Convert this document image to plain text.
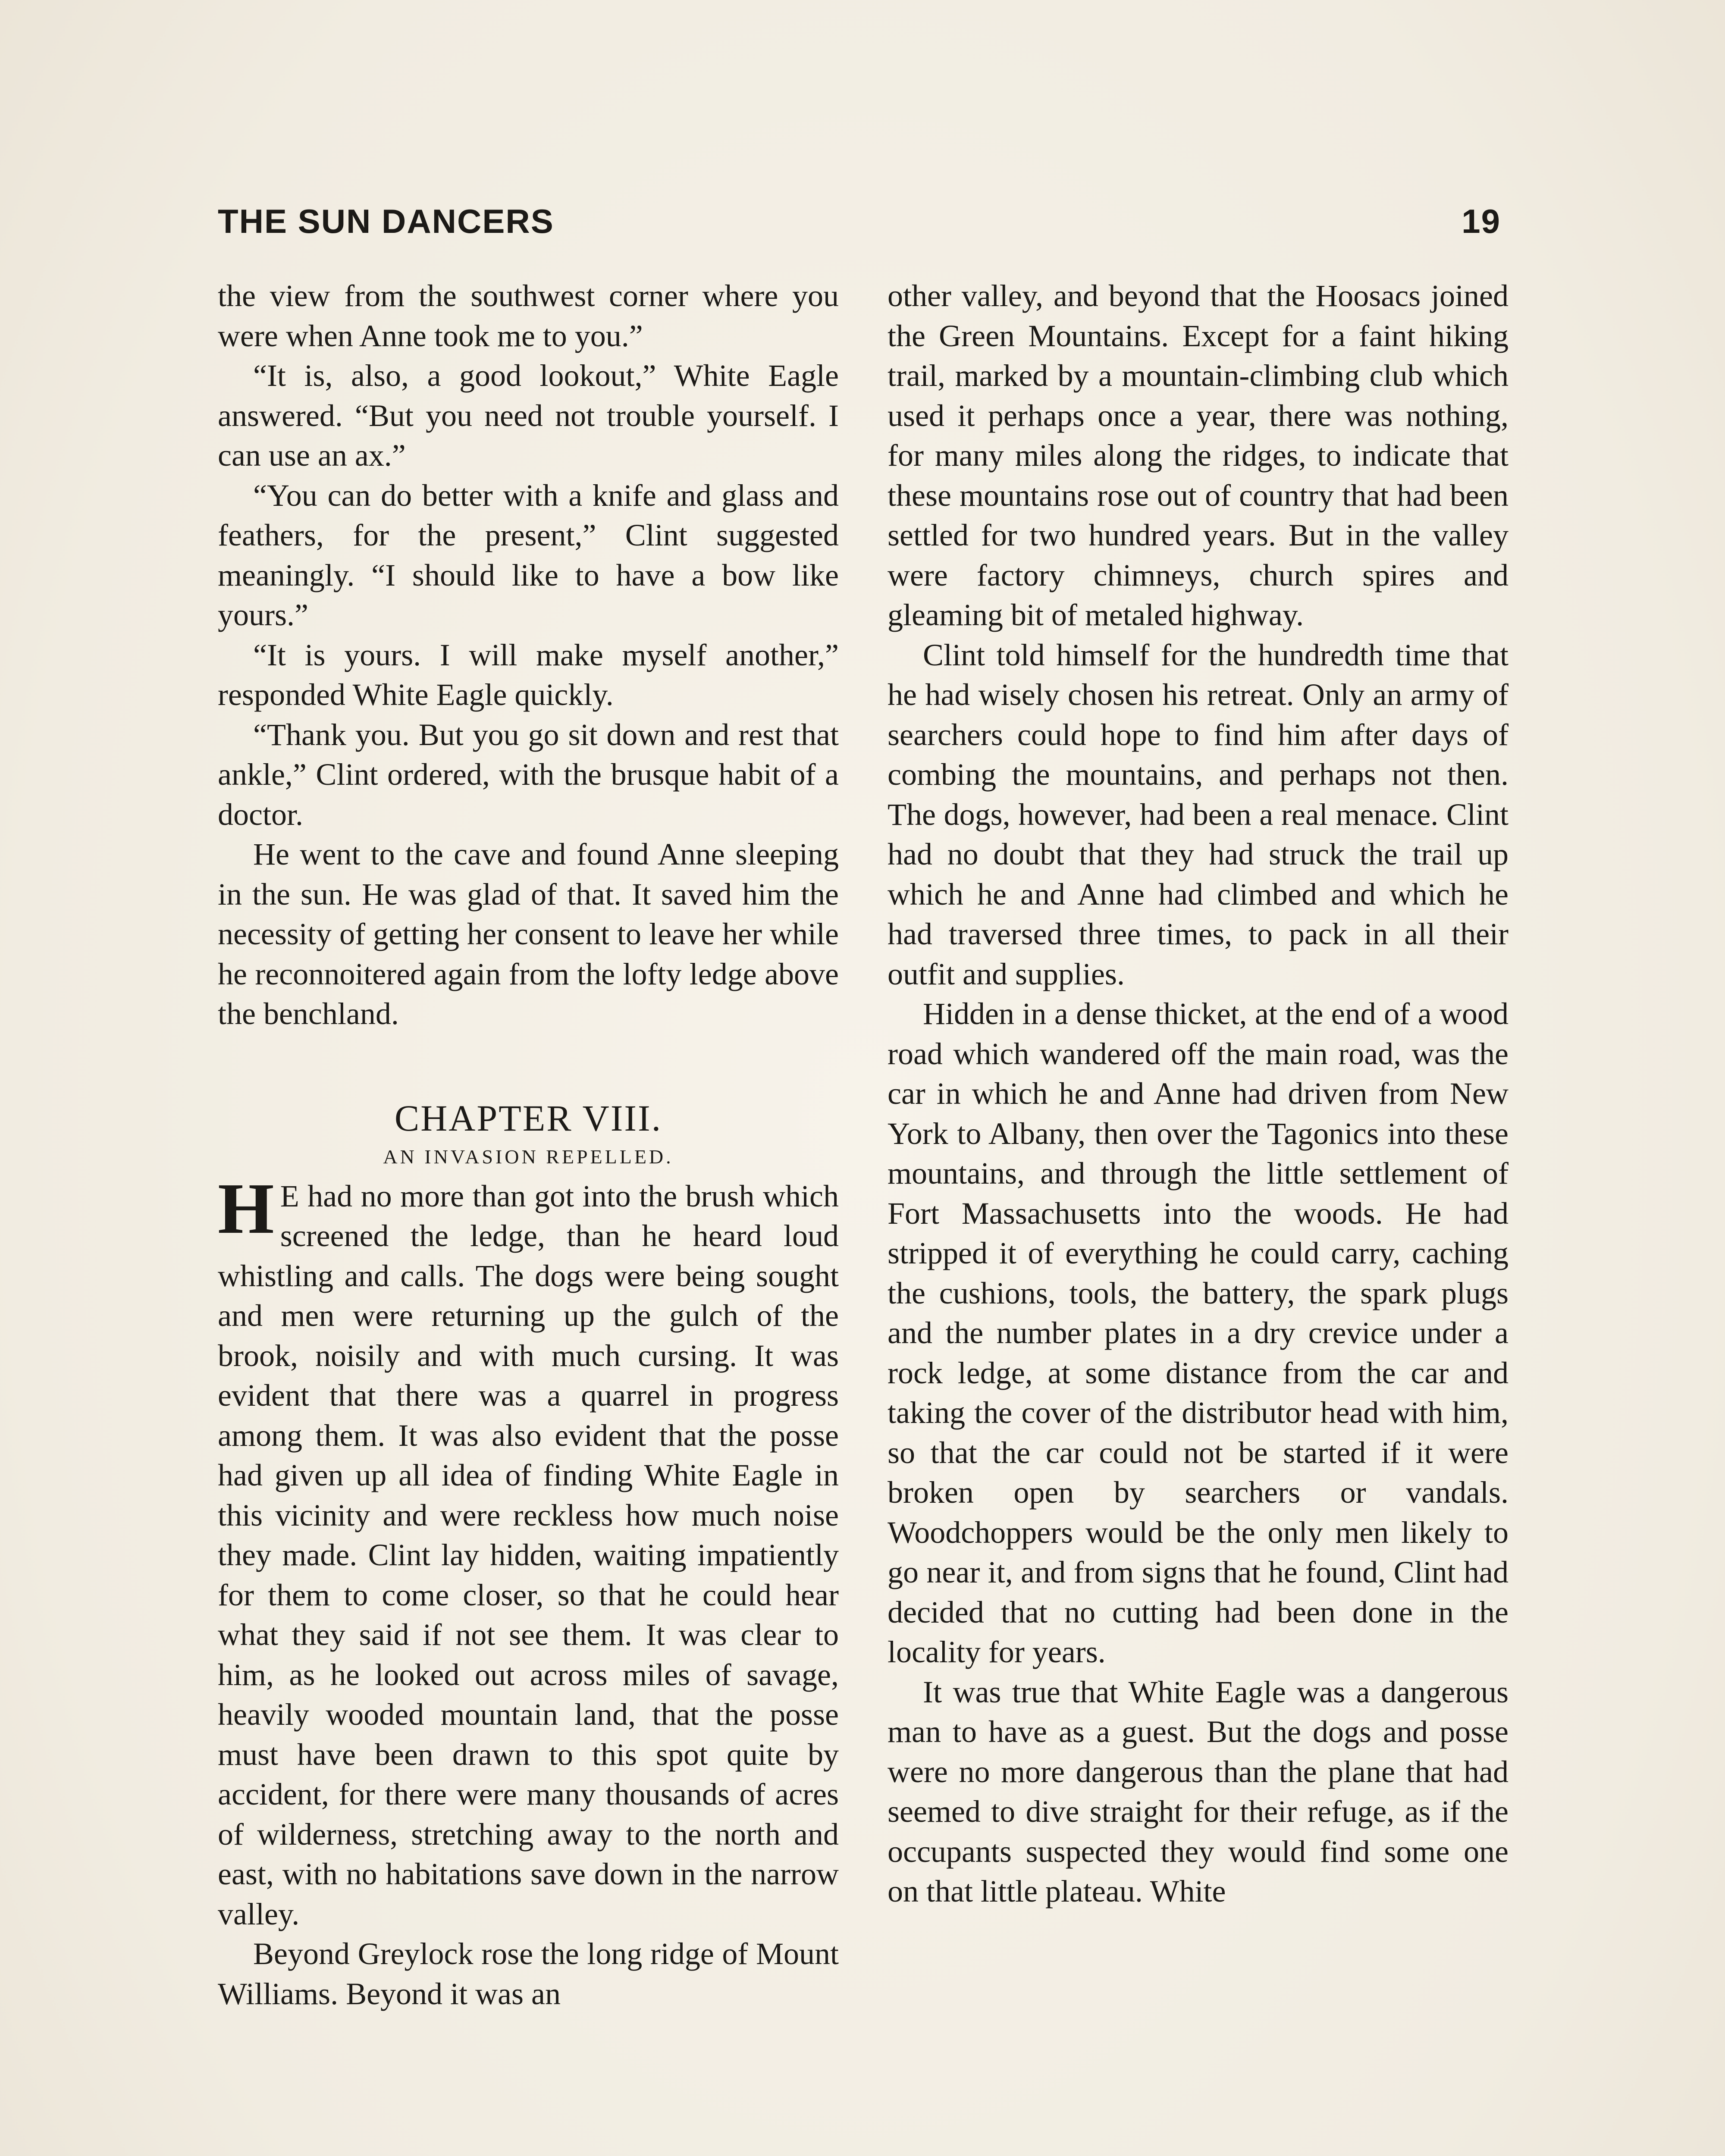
THE SUN DANCERS	19

the view from the southwest corner where you were when Anne took me to you.”

“It is, also, a good lookout,” White Eagle answered. “But you need not trouble yourself. I can use an ax.”

“You can do better with a knife and glass and feathers, for the present,” Clint suggested meaningly. “I should like to have a bow like yours.”

“It is yours. I will make myself another,” responded White Eagle quickly.

“Thank you. But you go sit down and rest that ankle,” Clint ordered, with the brusque habit of a doctor.

He went to the cave and found Anne sleeping in the sun. He was glad of that. It saved him the necessity of getting her consent to leave her while he reconnoitered again from the lofty ledge above the benchland.

CHAPTER VIII.
AN INVASION REPELLED.

H E had no more than got into the brush which screened the ledge, than he heard loud whistling and calls. The dogs were being sought and men were returning up the gulch of the brook, noisily and with much cursing. It was evident that there was a quarrel in progress among them. It was also evident that the posse had given up all idea of finding White Eagle in this vicinity and were reckless how much noise they made. Clint lay hidden, waiting impatiently for them to come closer, so that he could hear what they said if not see them. It was clear to him, as he looked out across miles of savage, heavily wooded mountain land, that the posse must have been drawn to this spot quite by accident, for there were many thousands of acres of wilderness, stretching away to the north and east, with no habitations save down in the narrow valley.

Beyond Greylock rose the long ridge of Mount Williams. Beyond it was an

other valley, and beyond that the Hoosacs joined the Green Mountains. Except for a faint hiking trail, marked by a mountain-climbing club which used it perhaps once a year, there was nothing, for many miles along the ridges, to indicate that these mountains rose out of country that had been settled for two hundred years. But in the valley were factory chimneys, church spires and gleaming bit of metaled highway.

Clint told himself for the hundredth time that he had wisely chosen his retreat. Only an army of searchers could hope to find him after days of combing the mountains, and perhaps not then. The dogs, however, had been a real menace. Clint had no doubt that they had struck the trail up which he and Anne had climbed and which he had traversed three times, to pack in all their outfit and supplies.

Hidden in a dense thicket, at the end of a wood road which wandered off the main road, was the car in which he and Anne had driven from New York to Albany, then over the Tagonics into these mountains, and through the little settlement of Fort Massachusetts into the woods. He had stripped it of everything he could carry, caching the cushions, tools, the battery, the spark plugs and the number plates in a dry crevice under a rock ledge, at some distance from the car and taking the cover of the distributor head with him, so that the car could not be started if it were broken open by searchers or vandals. Woodchoppers would be the only men likely to go near it, and from signs that he found, Clint had decided that no cutting had been done in the locality for years.

It was true that White Eagle was a dangerous man to have as a guest. But the dogs and posse were no more dangerous than the plane that had seemed to dive straight for their refuge, as if the occupants suspected they would find some one on that little plateau. White
